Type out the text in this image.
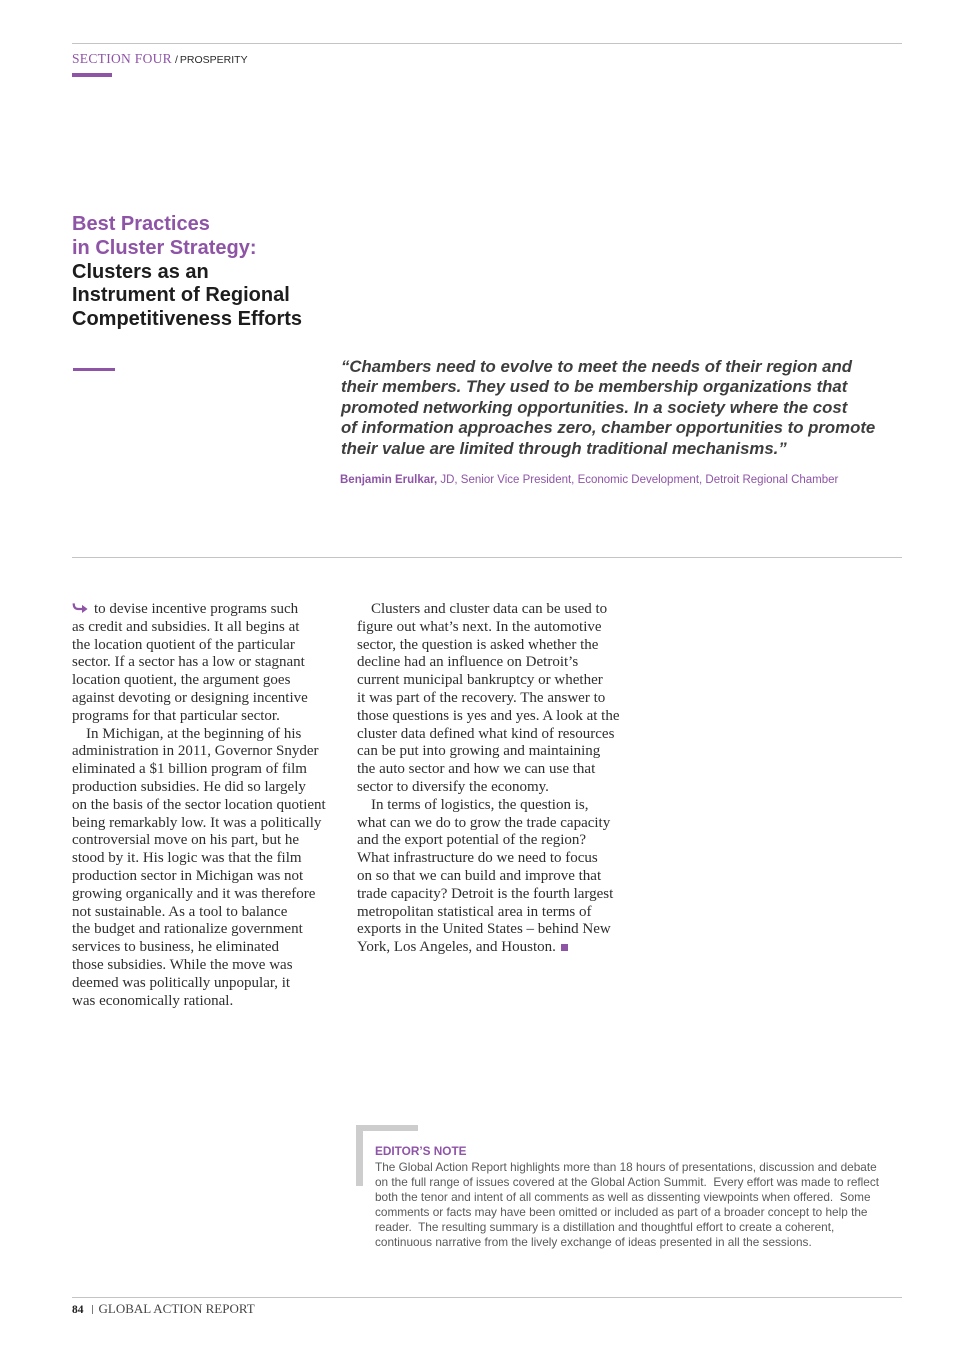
SECTION FOUR / PROSPERITY
Best Practices
in Cluster Strategy:
Clusters as an
Instrument of Regional
Competitiveness Efforts
“Chambers need to evolve to meet the needs of their region and
their members. They used to be membership organizations that
promoted networking opportunities. In a society where the cost
of information approaches zero, chamber opportunities to promote
their value are limited through traditional mechanisms.”
Benjamin Erulkar, JD, Senior Vice President, Economic Development, Detroit Regional Chamber
to devise incentive programs such
as credit and subsidies. It all begins at
the location quotient of the particular
sector. If a sector has a low or stagnant
location quotient, the argument goes
against devoting or designing incentive
programs for that particular sector.
In Michigan, at the beginning of his
administration in 2011, Governor Snyder
eliminated a $1 billion program of film
production subsidies. He did so largely
on the basis of the sector location quotient
being remarkably low. It was a politically
controversial move on his part, but he
stood by it. His logic was that the film
production sector in Michigan was not
growing organically and it was therefore
not sustainable. As a tool to balance
the budget and rationalize government
services to business, he eliminated
those subsidies. While the move was
deemed was politically unpopular, it
was economically rational.
Clusters and cluster data can be used to
figure out what’s next. In the automotive
sector, the question is asked whether the
decline had an influence on Detroit’s
current municipal bankruptcy or whether
it was part of the recovery. The answer to
those questions is yes and yes. A look at the
cluster data defined what kind of resources
can be put into growing and maintaining
the auto sector and how we can use that
sector to diversify the economy.
In terms of logistics, the question is,
what can we do to grow the trade capacity
and the export potential of the region?
What infrastructure do we need to focus
on so that we can build and improve that
trade capacity? Detroit is the fourth largest
metropolitan statistical area in terms of
exports in the United States – behind New
York, Los Angeles, and Houston.
EDITOR’S NOTE
The Global Action Report highlights more than 18 hours of presentations, discussion and debate
on the full range of issues covered at the Global Action Summit.  Every effort was made to reflect
both the tenor and intent of all comments as well as dissenting viewpoints when offered.  Some
comments or facts may have been omitted or included as part of a broader concept to help the
reader.  The resulting summary is a distillation and thoughtful effort to create a coherent,
continuous narrative from the lively exchange of ideas presented in all the sessions.
84 GLOBAL ACTION REPORT
